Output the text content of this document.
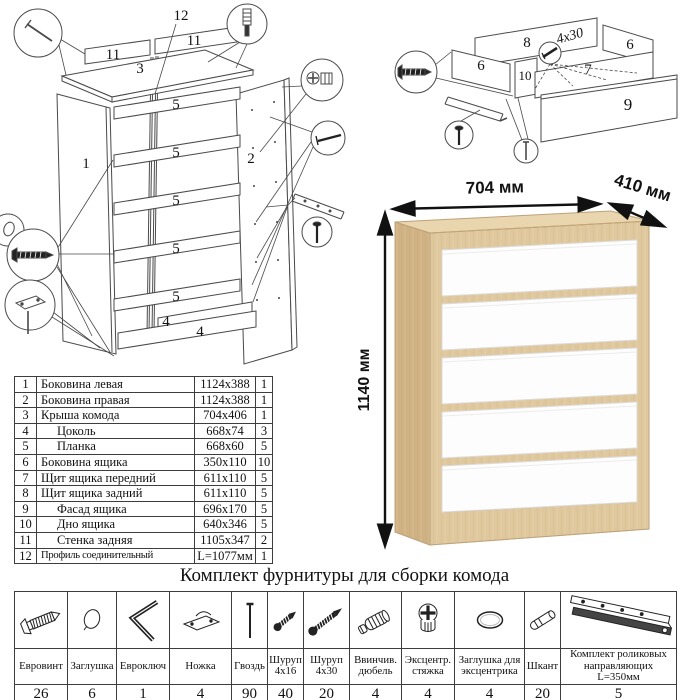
12
11
11
3
1	2
5
5
5
5
5
4
4
8	6
6
10	7
9
4x30
704 мм	410 мм
1140 мм
1	Боковина левая	1124x388	1
2	Боковина правая	1124x388	1
3	Крыша комода	704x406	1
4	Цоколь	668x74	3
5	Планка	668x60	5
6	Боковина ящика	350x110	10
7	Щит ящика передний	611x110	5
8	Щит ящика задний	611x110	5
9	Фасад ящика	696x170	5
10	Дно ящика	640x346	5
11	Стенка задняя	1105x347	2
12	Профиль соединительный	L=1077мм	1
Комплект фурнитуры для сборки комода

Евровинт	Заглушка	Евроключ	Ножка	Гвоздь	Шуруп 4x16	Шуруп 4x30	Ввинчив. дюбель	Эксцентр. стяжка	Заглушка для эксцентрика	Шкант	Комплект роликовых направляющих L=350мм
26	6	1	4	90	40	20	4	4	4	20	5
